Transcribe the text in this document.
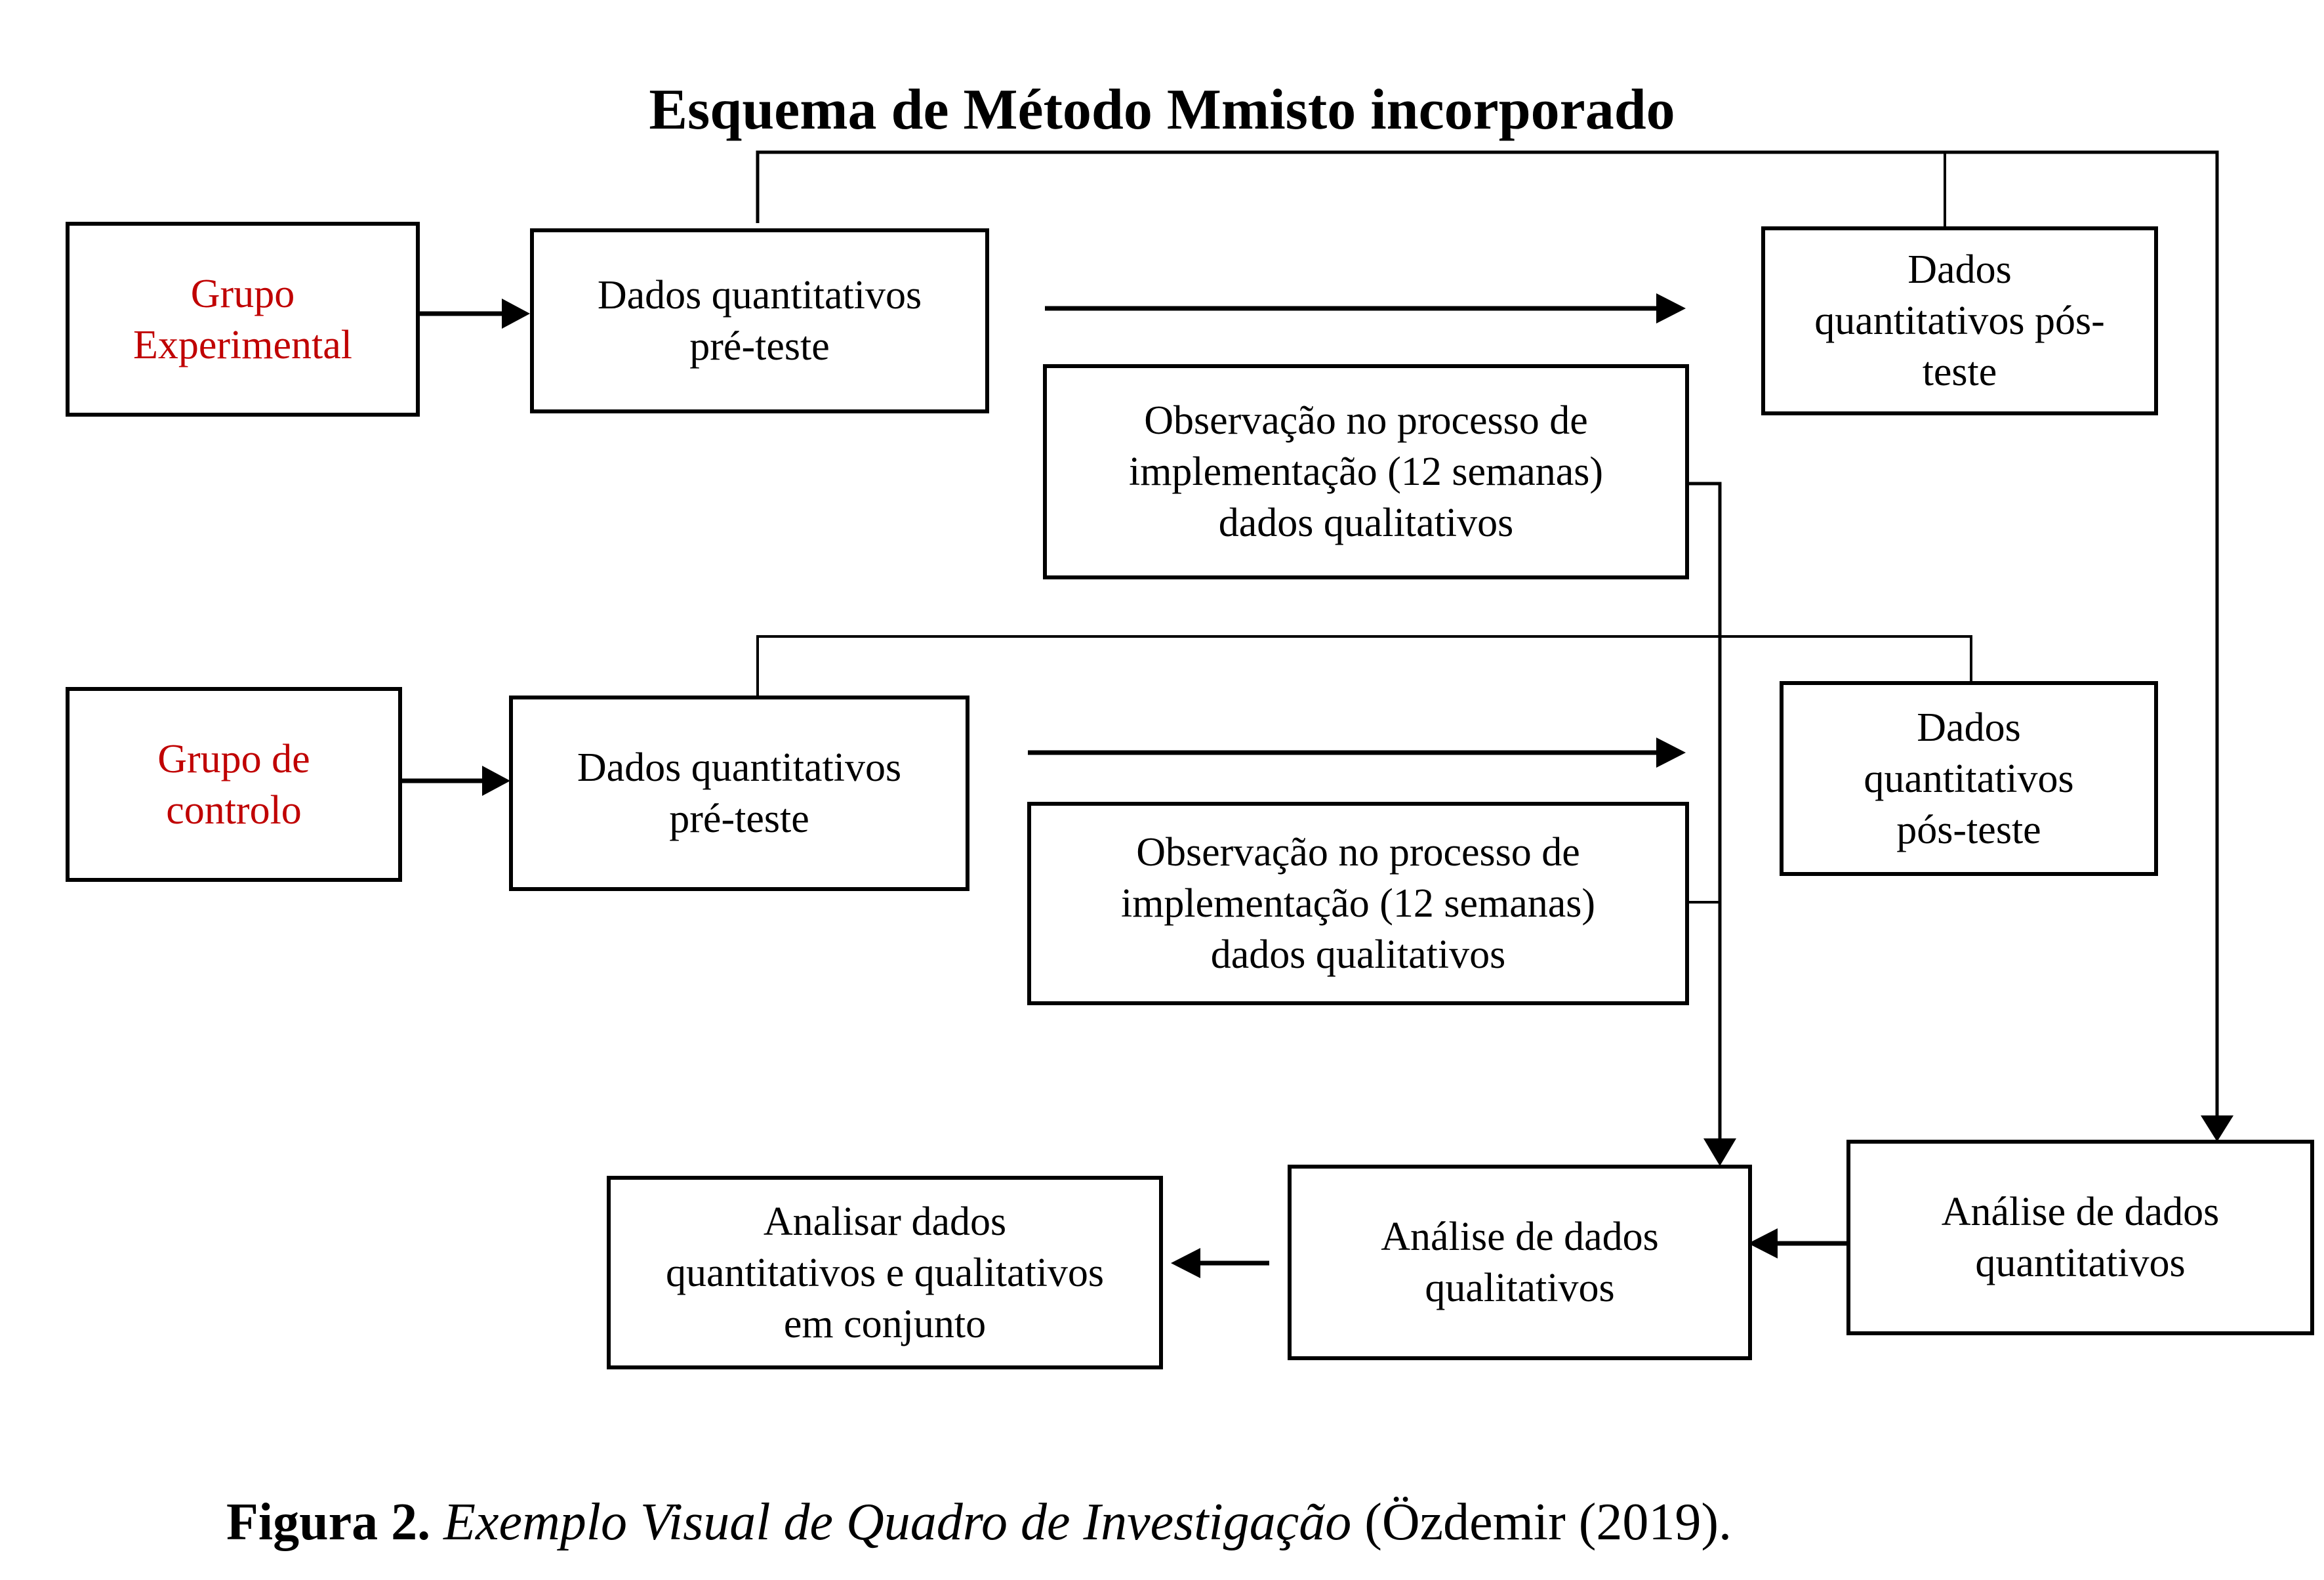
Esquema de Método Mmisto incorporado
Grupo
Experimental
Dados quantitativos
pré-teste
Dados
quantitativos pós-
teste
Observação no processo de
implementação (12 semanas)
dados qualitativos
Grupo de
controlo
Dados quantitativos
pré-teste
Dados
quantitativos
pós-teste
Observação no processo de
implementação (12 semanas)
dados qualitativos
Análise de dados
quantitativos
Análise de dados
qualitativos
Analisar dados
quantitativos e qualitativos
em conjunto
Figura 2. Exemplo Visual de Quadro de Investigação (Özdemir (2019).
